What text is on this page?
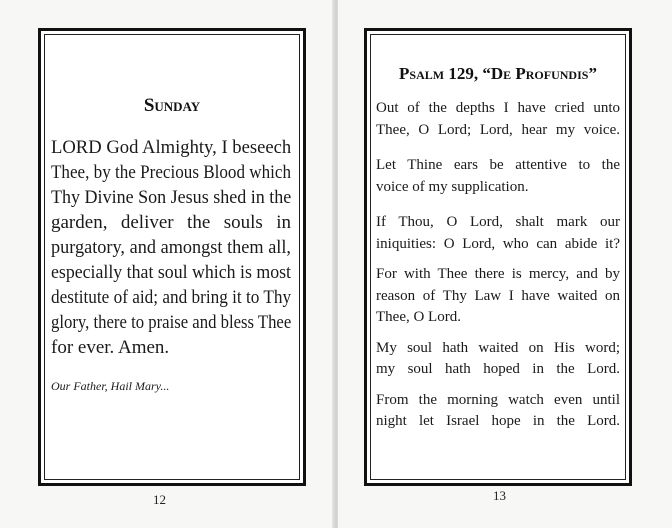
Sunday
LORD God Almighty, I beseech
Thee, by the Precious Blood which
Thy Divine Son Jesus shed in the
garden, deliver the souls in
purgatory, and amongst them all,
especially that soul which is most
destitute of aid; and bring it to Thy
glory, there to praise and bless Thee
for ever. Amen.
Our Father, Hail Mary...
12
Psalm 129, “De Profundis”
Out of the depths I have cried unto
Thee, O Lord; Lord, hear my voice.
Let Thine ears be attentive to the
voice of my supplication.
If Thou, O Lord, shalt mark our
iniquities: O Lord, who can abide it?
For with Thee there is mercy, and by
reason of Thy Law I have waited on
Thee, O Lord.
My soul hath waited on His word;
my soul hath hoped in the Lord.
From the morning watch even until
night let Israel hope in the Lord.
13
